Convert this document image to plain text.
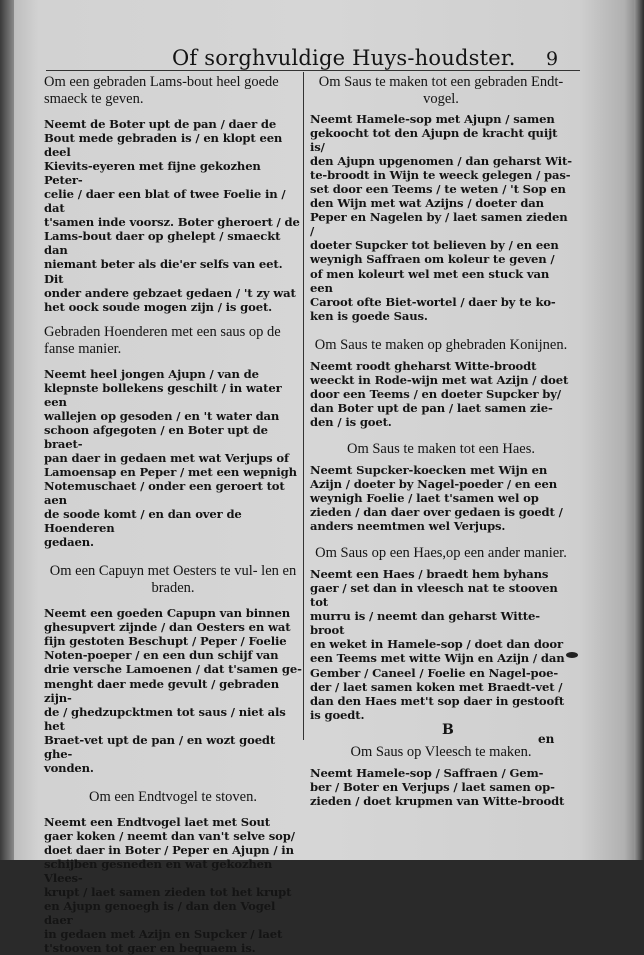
Of sorghvuldige Huys-houdster. 9

Om een gebraden Lams-bout heel goede smaeck te geven.

Neemt de Boter upt de pan / daer de
Bout mede gebraden is / en klopt een deel
Kievits-eyeren met fijne gekozhen Peter-
celie / daer een blat of twee Foelie in / dat
t'samen inde voorsz. Boter gheroert / de
Lams-bout daer op ghelept / smaeckt dan
niemant beter als die'er selfs van eet. Dit
onder andere gebzaet gedaen / 't zy wat
het oock soude mogen zijn / is goet.

Gebraden Hoenderen met een saus op de fanse manier.

Neemt heel jongen Ajupn / van de
klepnste bollekens geschilt / in water een
wallejen op gesoden / en 't water dan
schoon afgegoten / en Boter upt de braet-
pan daer in gedaen met wat Verjups of
Lamoensap en Peper / met een wepnigh
Notemuschaet / onder een geroert tot aen
de soode komt / en dan over de Hoenderen
gedaen.

Om een Capuyn met Oesters te vul- len en braden.

Neemt een goeden Capupn van binnen
ghesupvert zijnde / dan Oesters en wat
fijn gestoten Beschupt / Peper / Foelie
Noten-poeper / en een dun schijf van
drie versche Lamoenen / dat t'samen ge-
menght daer mede gevult / gebraden zijn-
de / ghedzupcktmen tot saus / niet als het
Braet-vet upt de pan / en wozt goedt ghe-
vonden.

Om een Endtvogel te stoven.

Neemt een Endtvogel laet met Sout
gaer koken / neemt dan van't selve sop/
doet daer in Boter / Peper en Ajupn / in
schijben gesneden en wat gekozhen Vlees-
krupt / laet samen zieden tot het krupt
en Ajupn genoegh is / dan den Vogel daer
in gedaen met Azijn en Supcker / laet
t'stooven tot gaer en bequaem is.

Om Saus te maken tot een gebraden Endt-vogel.

Neemt Hamele-sop met Ajupn / samen
gekoocht tot den Ajupn de kracht quijt is/
den Ajupn upgenomen / dan geharst Wit-
te-broodt in Wijn te weeck gelegen / pas-
set door een Teems / te weten / 't Sop en
den Wijn met wat Azijns / doeter dan
Peper en Nagelen by / laet samen zieden /
doeter Supcker tot believen by / en een
weynigh Saffraen om koleur te geven /
of men koleurt wel met een stuck van een
Caroot ofte Biet-wortel / daer by te ko-
ken is goede Saus.

Om Saus te maken op ghebraden Konijnen.

Neemt roodt gheharst Witte-broodt
weeckt in Rode-wijn met wat Azijn / doet
door een Teems / en doeter Supcker by/
dan Boter upt de pan / laet samen zie-
den / is goet.

Om Saus te maken tot een Haes.

Neemt Supcker-koecken met Wijn en
Azijn / doeter by Nagel-poeder / en een
weynigh Foelie / laet t'samen wel op
zieden / dan daer over gedaen is goedt /
anders neemtmen wel Verjups.

Om Saus op een Haes,op een ander manier.

Neemt een Haes / braedt hem byhans
gaer / set dan in vleesch nat te stooven tot
murru is / neemt dan geharst Witte-broot
en weket in Hamele-sop / doet dan door
een Teems met witte Wijn en Azijn / dan
Gember / Caneel / Foelie en Nagel-poe-
der / laet samen koken met Braedt-vet /
dan den Haes met't sop daer in gestooft
is goedt.

Om Saus op Vleesch te maken.

Neemt Hamele-sop / Saffraen / Gem-
ber / Boter en Verjups / laet samen op-
zieden / doet krupmen van Witte-broodt

B
en
